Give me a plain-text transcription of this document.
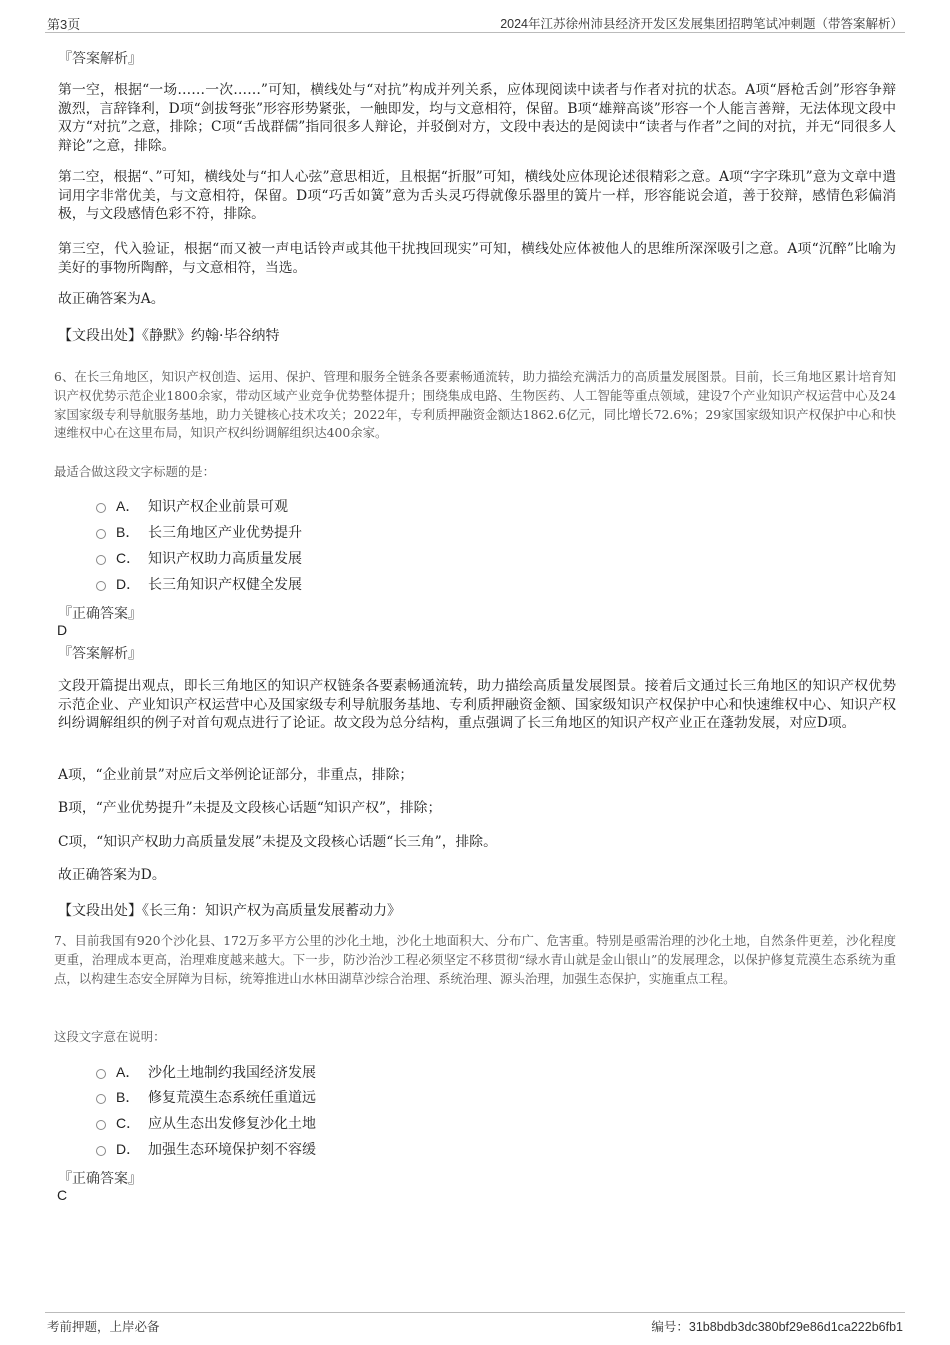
第3页	2024年江苏徐州沛县经济开发区发展集团招聘笔试冲刺题（带答案解析）
『答案解析』

第一空，根据“一场……一次……”可知，横线处与“对抗”构成并列关系，应体现阅读中读者与作者对抗的状态。A项“唇枪舌剑”形容争辩激烈，言辞锋利，D项“剑拔弩张”形容形势紧张，一触即发，均与文意相符，保留。B项“雄辩高谈”形容一个人能言善辩，无法体现文段中双方“对抗”之意，排除；C项“舌战群儒”指同很多人辩论，并驳倒对方，文段中表达的是阅读中“读者与作者”之间的对抗，并无“同很多人辩论”之意，排除。

第二空，根据“、”可知，横线处与“扣人心弦”意思相近，且根据“折服”可知，横线处应体现论述很精彩之意。A项“字字珠玑”意为文章中遣词用字非常优美，与文意相符，保留。D项“巧舌如簧”意为舌头灵巧得就像乐器里的簧片一样，形容能说会道，善于狡辩，感情色彩偏消极，与文段感情色彩不符，排除。

第三空，代入验证，根据“而又被一声电话铃声或其他干扰拽回现实”可知，横线处应体被他人的思维所深深吸引之意。A项“沉醉”比喻为美好的事物所陶醉，与文意相符，当选。

故正确答案为A。
【文段出处】《静默》约翰·毕谷纳特

6、在长三角地区，知识产权创造、运用、保护、管理和服务全链条各要素畅通流转，助力描绘充满活力的高质量发展图景。目前，长三角地区累计培育知识产权优势示范企业1800余家，带动区域产业竞争优势整体提升；围绕集成电路、生物医药、人工智能等重点领域，建设7个产业知识产权运营中心及24家国家级专利导航服务基地，助力关键核心技术攻关；2022年，专利质押融资金额达1862.6亿元，同比增长72.6%；29家国家级知识产权保护中心和快速维权中心在这里布局，知识产权纠纷调解组织达400余家。

最适合做这段文字标题的是：
A． 知识产权企业前景可观
B． 长三角地区产业优势提升
C． 知识产权助力高质量发展
D． 长三角知识产权健全发展
『正确答案』
D
『答案解析』

文段开篇提出观点，即长三角地区的知识产权链条各要素畅通流转，助力描绘高质量发展图景。接着后文通过长三角地区的知识产权优势示范企业、产业知识产权运营中心及国家级专利导航服务基地、专利质押融资金额、国家级知识产权保护中心和快速维权中心、知识产权纠纷调解组织的例子对首句观点进行了论证。故文段为总分结构，重点强调了长三角地区的知识产权产业正在蓬勃发展，对应D项。

A项，“企业前景”对应后文举例论证部分，非重点，排除；
B项，“产业优势提升”未提及文段核心话题“知识产权”，排除；
C项，“知识产权助力高质量发展”未提及文段核心话题“长三角”，排除。
故正确答案为D。
【文段出处】《长三角：知识产权为高质量发展蓄动力》

7、目前我国有920个沙化县、172万多平方公里的沙化土地，沙化土地面积大、分布广、危害重。特别是亟需治理的沙化土地，自然条件更差，沙化程度更重，治理成本更高，治理难度越来越大。下一步，防沙治沙工程必须坚定不移贯彻“绿水青山就是金山银山”的发展理念，以保护修复荒漠生态系统为重点，以构建生态安全屏障为目标，统筹推进山水林田湖草沙综合治理、系统治理、源头治理，加强生态保护，实施重点工程。

这段文字意在说明：
A． 沙化土地制约我国经济发展
B． 修复荒漠生态系统任重道远
C． 应从生态出发修复沙化土地
D． 加强生态环境保护刻不容缓
『正确答案』
C
考前押题，上岸必备	编号：31b8bdb3dc380bf29e86d1ca222b6fb1
